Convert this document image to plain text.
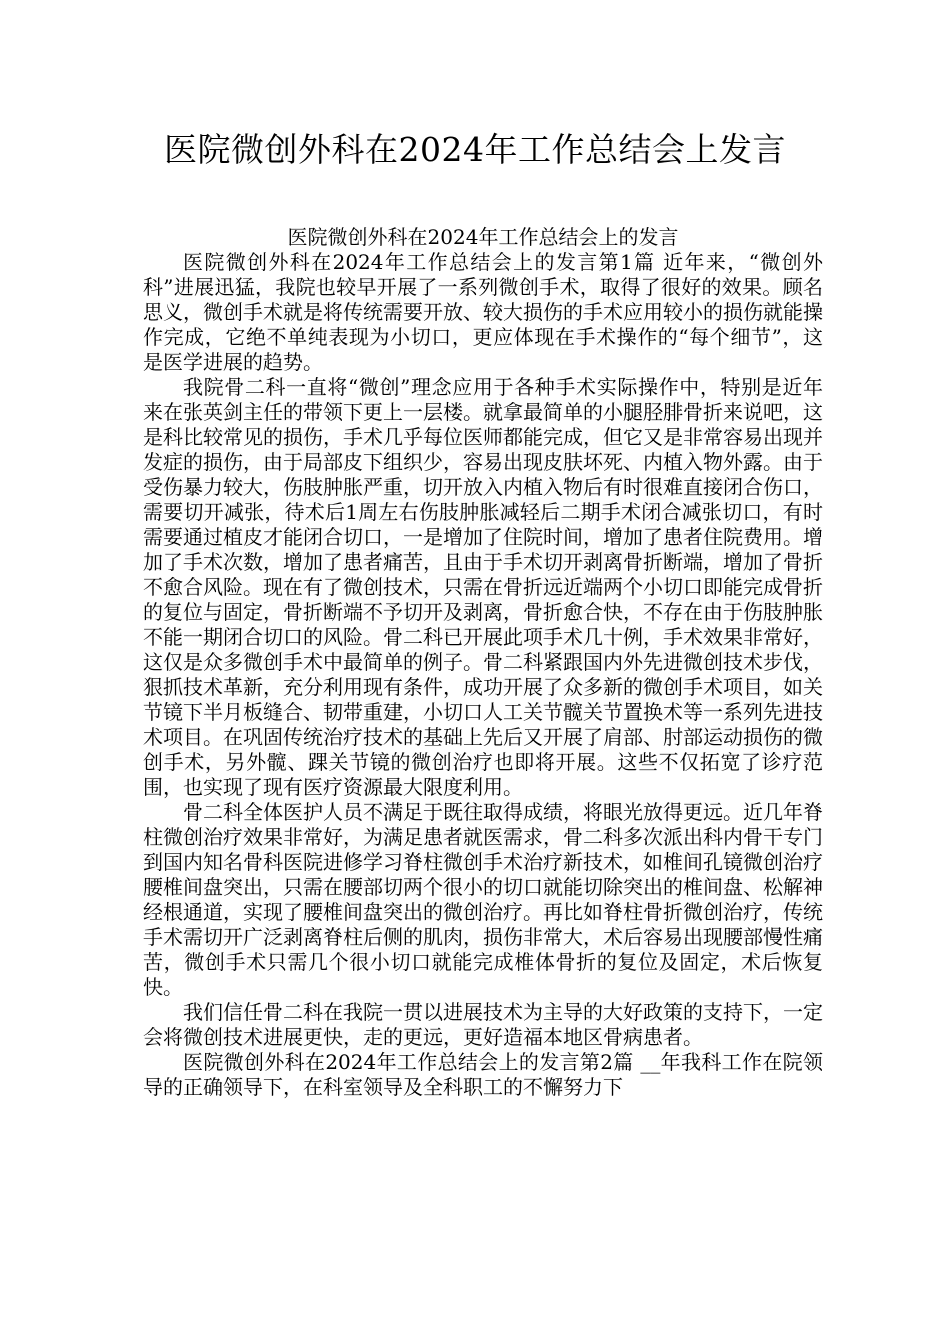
医院微创外科在2024年工作总结会上发言
医院微创外科在2024年工作总结会上的发言

医院微创外科在2024年工作总结会上的发言第1篇 近年来，“微创外科”进展迅猛，我院也较早开展了一系列微创手术，取得了很好的效果。顾名思义，微创手术就是将传统需要开放、较大损伤的手术应用较小的损伤就能操作完成，它绝不单纯表现为小切口，更应体现在手术操作的“每个细节”，这是医学进展的趋势。

我院骨二科一直将“微创”理念应用于各种手术实际操作中，特别是近年来在张英剑主任的带领下更上一层楼。就拿最简单的小腿胫腓骨折来说吧，这是科比较常见的损伤，手术几乎每位医师都能完成，但它又是非常容易出现并发症的损伤，由于局部皮下组织少，容易出现皮肤坏死、内植入物外露。由于受伤暴力较大，伤肢肿胀严重，切开放入内植入物后有时很难直接闭合伤口，需要切开减张，待术后1周左右伤肢肿胀减轻后二期手术闭合减张切口，有时需要通过植皮才能闭合切口，一是增加了住院时间，增加了患者住院费用。增加了手术次数，增加了患者痛苦，且由于手术切开剥离骨折断端，增加了骨折不愈合风险。现在有了微创技术，只需在骨折远近端两个小切口即能完成骨折的复位与固定，骨折断端不予切开及剥离，骨折愈合快，不存在由于伤肢肿胀不能一期闭合切口的风险。骨二科已开展此项手术几十例，手术效果非常好，这仅是众多微创手术中最简单的例子。骨二科紧跟国内外先进微创技术步伐，狠抓技术革新，充分利用现有条件，成功开展了众多新的微创手术项目，如关节镜下半月板缝合、韧带重建，小切口人工关节髋关节置换术等一系列先进技术项目。在巩固传统治疗技术的基础上先后又开展了肩部、肘部运动损伤的微创手术，另外髋、踝关节镜的微创治疗也即将开展。这些不仅拓宽了诊疗范围，也实现了现有医疗资源最大限度利用。

骨二科全体医护人员不满足于既往取得成绩，将眼光放得更远。近几年脊柱微创治疗效果非常好，为满足患者就医需求，骨二科多次派出科内骨干专门到国内知名骨科医院进修学习脊柱微创手术治疗新技术，如椎间孔镜微创治疗腰椎间盘突出，只需在腰部切两个很小的切口就能切除突出的椎间盘、松解神经根通道，实现了腰椎间盘突出的微创治疗。再比如脊柱骨折微创治疗，传统手术需切开广泛剥离脊柱后侧的肌肉，损伤非常大，术后容易出现腰部慢性痛苦，微创手术只需几个很小切口就能完成椎体骨折的复位及固定，术后恢复快。

我们信任骨二科在我院一贯以进展技术为主导的大好政策的支持下，一定会将微创技术进展更快，走的更远，更好造福本地区骨病患者。

医院微创外科在2024年工作总结会上的发言第2篇 __年我科工作在院领导的正确领导下，在科室领导及全科职工的不懈努力下
